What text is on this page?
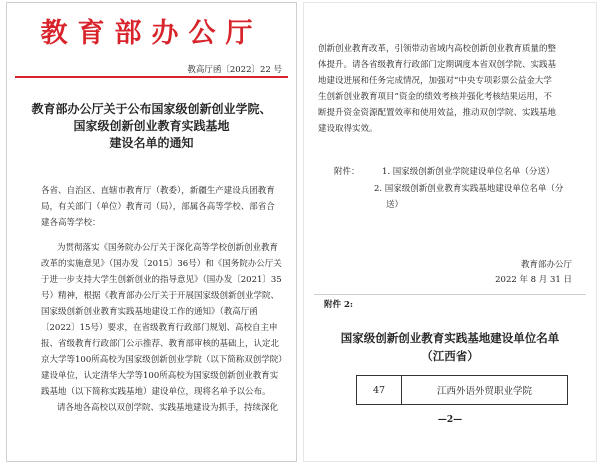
教育部办公厅
教高厅函〔2022〕22 号
教育部办公厅关于公布国家级创新创业学院、
国家级创新创业教育实践基地
建设名单的通知
各省、自治区、直辖市教育厅（教委），新疆生产建设兵团教育
局，有关部门（单位）教育司（局），部属各高等学校、部省合
建各高等学校：
为贯彻落实《国务院办公厅关于深化高等学校创新创业教育
改革的实施意见》（国办发〔2015〕36号）和《国务院办公厅关
于进一步支持大学生创新创业的指导意见》（国办发〔2021〕35
号）精神，根据《教育部办公厅关于开展国家级创新创业学院、
国家级创新创业教育实践基地建设工作的通知》（教高厅函
〔2022〕15号）要求，在省级教育行政部门规划、高校自主申
报、省级教育行政部门公示推荐、教育部审核的基础上，认定北
京大学等100所高校为国家级创新创业学院（以下简称双创学院）
建设单位，认定清华大学等100所高校为国家级创新创业教育实
践基地（以下简称实践基地）建设单位，现将名单予以公布。
请各地各高校以双创学院、实践基地建设为抓手，持续深化
创新创业教育改革，引领带动省域内高校创新创业教育质量的整
体提升。请各省级教育行政部门定期调度本省双创学院、实践基
地建设进展和任务完成情况，加强对“中央专项彩票公益金大学
生创新创业教育项目”资金的绩效考核并强化考核结果运用，不
断提升资金资源配置效率和使用效益，推动双创学院、实践基地
建设取得实效。
附件：	1. 国家级创新创业学院建设单位名单（分送）
2. 国家级创新创业教育实践基地建设单位名单（分
送）
教育部办公厅
2022 年 8 月 31 日
附件 2:
国家级创新创业教育实践基地建设单位名单
（江西省）
47	江西外语外贸职业学院
—2—
